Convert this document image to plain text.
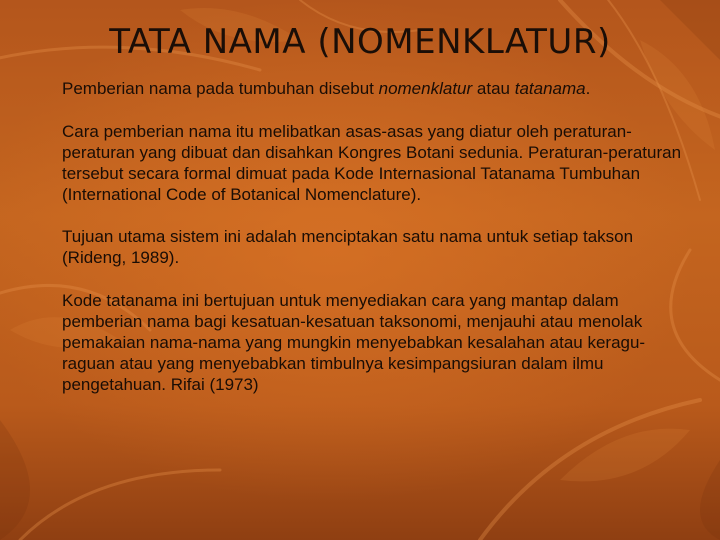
TATA NAMA (NOMENKLATUR)

Pemberian nama pada tumbuhan disebut nomenklatur atau tatanama.

Cara pemberian nama itu melibatkan asas-asas yang diatur oleh peraturan-peraturan yang dibuat dan disahkan Kongres Botani sedunia. Peraturan-peraturan tersebut secara formal dimuat pada Kode Internasional Tatanama Tumbuhan (International Code of Botanical Nomenclature).

Tujuan utama sistem ini adalah menciptakan satu nama untuk setiap takson (Rideng, 1989).

Kode tatanama ini bertujuan untuk menyediakan cara yang mantap dalam pemberian nama bagi kesatuan-kesatuan taksonomi, menjauhi atau menolak pemakaian nama-nama yang mungkin menyebabkan kesalahan atau keragu-raguan atau yang menyebabkan timbulnya kesimpangsiuran dalam ilmu pengetahuan. Rifai (1973)
